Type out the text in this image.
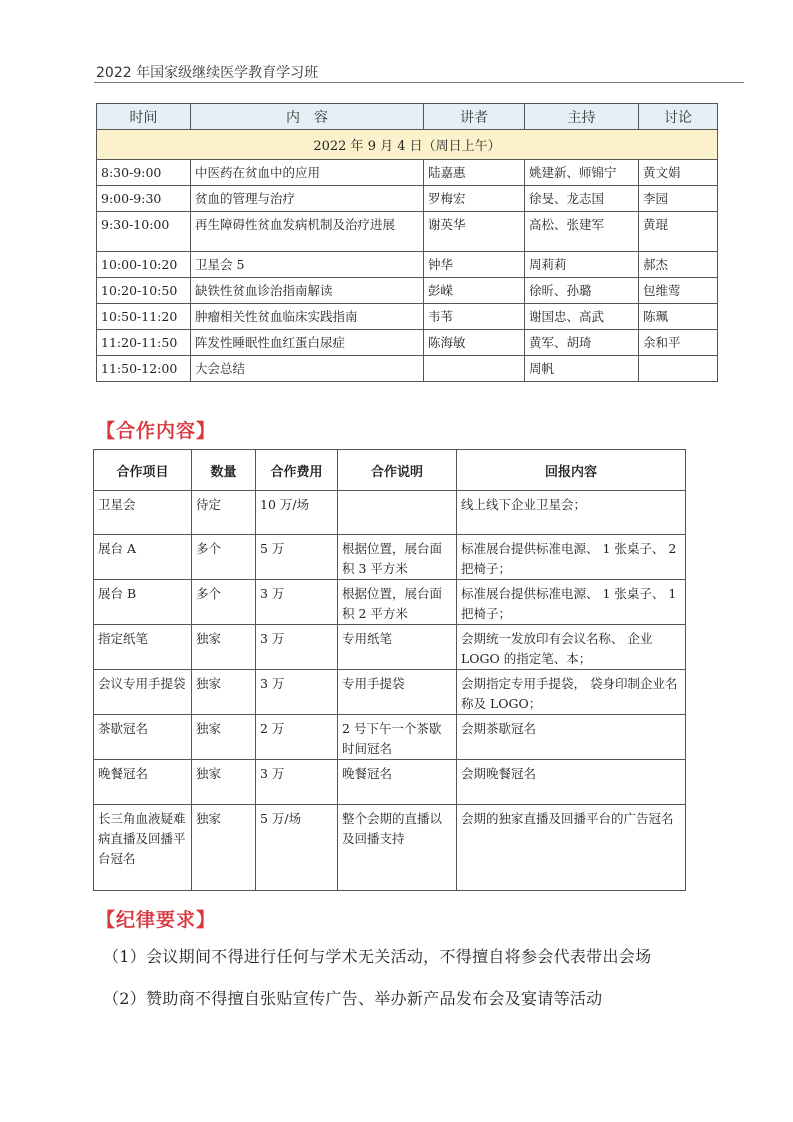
2022 年国家级继续医学教育学习班
时间	内　容	讲者	主持	讨论
2022 年 9 月 4 日（周日上午）				
8:30-9:00	中医药在贫血中的应用	陆嘉惠	姚建新、师锦宁	黄文娟
9:00-9:30	贫血的管理与治疗	罗梅宏	徐旻、龙志国	李园
9:30-10:00	再生障碍性贫血发病机制及治疗进展	谢英华	高松、张建军	黄琨
10:00-10:20	卫星会 5	钟华	周莉莉	郝杰
10:20-10:50	缺铁性贫血诊治指南解读	彭嵘	徐昕、孙璐	包维莺
10:50-11:20	肿瘤相关性贫血临床实践指南	韦苇	谢国忠、高武	陈珮
11:20-11:50	阵发性睡眠性血红蛋白尿症	陈海敏	黄军、胡琦	余和平
11:50-12:00	大会总结		周帆	
【合作内容】
合作项目	数量	合作费用	合作说明	回报内容
卫星会	待定	10 万/场		线上线下企业卫星会；
展台 A	多个	5 万	根据位置，展台面积 3 平方米	标准展台提供标准电源、 1 张桌子、 2 把椅子；
展台 B	多个	3 万	根据位置，展台面积 2 平方米	标准展台提供标准电源、 1 张桌子、 1 把椅子；
指定纸笔	独家	3 万	专用纸笔	会期统一发放印有会议名称、 企业 LOGO 的指定笔、本；
会议专用手提袋	独家	3 万	专用手提袋	会期指定专用手提袋， 袋身印制企业名称及 LOGO；
茶歇冠名	独家	2 万	2 号下午一个茶歇时间冠名	会期茶歇冠名
晚餐冠名	独家	3 万	晚餐冠名	会期晚餐冠名
长三角血液疑难病直播及回播平台冠名	独家	5 万/场	整个会期的直播以及回播支持	会期的独家直播及回播平台的广告冠名
【纪律要求】
（1）会议期间不得进行任何与学术无关活动，不得擅自将参会代表带出会场
（2）赞助商不得擅自张贴宣传广告、举办新产品发布会及宴请等活动
